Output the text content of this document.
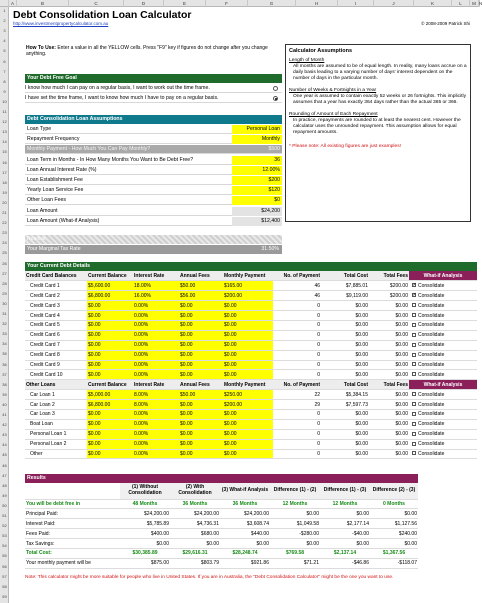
A	B	C	D	E	F	G	H	I	J	K	L	M N
1
2
3
4
5
6
7
8
9
10
11
12
13
14
15
16
17
18
19
20
21
22
23
24
25
26
27
28
29
30
31
32
33
34
35
36
37
38
39
40
41
42
43
44
45
46
47
48
49
50
51
52
53
54
55
56
57
58
59
Debt Consolidation Loan Calculator
http://www.investmentpropertycalculator.com.au	© 2008-2009 Patrick Shi
How To Use: Enter a value in all the YELLOW cells. Press "F9" key if figures do not change after you change anything.
Your Debt Free Goal
I know how much I can pay on a regular basis, I want to work out the time frame.
I have set the time frame, I want to know how much I have to pay on a regular basis.
Debt Consolidation Loan Assumptions
Loan Type	Personal Loan
Repayment Frequency	Monthly
Monthly Payment - How Much You Can Pay Monthly?	$500
Loan Term in Months - In How Many Months You Want to Be Debt Free?	36
Loan Annual Interest Rate (%)	12.00%
Loan Establishment Fee	$200
Yearly Loan Service Fee	$120
Other Loan Fees	$0
Loan Amount	$24,200
Loan Amount (What-if Analysis)	$12,400
Resolve
Your Marginal Tax Rate	31.50%
Calculator Assumptions
Length of Month
All months are assumed to be of equal length. In reality, many loans accrue on a daily basis leading to a varying number of days' interest dependent on the number of days in the particular month.
Number of Weeks & Fortnights in a Year
One year is assumed to contain exactly 52 weeks or 26 fortnights. This implicitly assumes that a year has exactly 364 days rather than the actual 365 or 366.
Rounding of Amount of Each Repayment
In practice, repayments are rounded to at least the nearest cent. However the calculator uses the unrounded repayment. This assumption allows for equal repayment amounts.
* Please note: All existing figures are just examples!
Your Current Debt Details
Credit Card Balances	Current Balance	Interest Rate	Annual Fees	Monthly Payment	No. of Payment	Total Cost	Total Fees	What-if Analysis
Credit Card 1	$5,600.00	18.00%	$50.00	$165.00	46	$7,885.01	$200.00	✓Consolidate
Credit Card 2	$6,800.00	16.00%	$56.00	$200.00	46	$9,119.00	$200.00	✓Consolidate
Credit Card 3	$0.00	0.00%	$0.00	$0.00	0	$0.00	$0.00	Consolidate
Credit Card 4	$0.00	0.00%	$0.00	$0.00	0	$0.00	$0.00	Consolidate
Credit Card 5	$0.00	0.00%	$0.00	$0.00	0	$0.00	$0.00	Consolidate
Credit Card 6	$0.00	0.00%	$0.00	$0.00	0	$0.00	$0.00	Consolidate
Credit Card 7	$0.00	0.00%	$0.00	$0.00	0	$0.00	$0.00	Consolidate
Credit Card 8	$0.00	0.00%	$0.00	$0.00	0	$0.00	$0.00	Consolidate
Credit Card 9	$0.00	0.00%	$0.00	$0.00	0	$0.00	$0.00	Consolidate
Credit Card 10	$0.00	0.00%	$0.00	$0.00	0	$0.00	$0.00	Consolidate
Other Loans	Current Balance	Interest Rate	Annual Fees	Monthly Payment	No. of Payment	Total Cost	Total Fees	What-if Analysis
Car Loan 1	$5,000.00	8.00%	$50.00	$250.00	22	$5,384.15	$0.00	Consolidate
Car Loan 2	$6,800.00	8.00%	$0.00	$200.00	29	$7,597.73	$0.00	Consolidate
Car Loan 3	$0.00	0.00%	$0.00	$0.00	0	$0.00	$0.00	Consolidate
Boat Loan	$0.00	0.00%	$0.00	$0.00	0	$0.00	$0.00	Consolidate
Personal Loan 1	$0.00	0.00%	$0.00	$0.00	0	$0.00	$0.00	Consolidate
Personal Loan 2	$0.00	0.00%	$0.00	$0.00	0	$0.00	$0.00	Consolidate
Other	$0.00	0.00%	$0.00	$0.00	0	$0.00	$0.00	Consolidate
Results
	(1) Without Consolidation	(2) With Consolidation	(3) What-if Analysis	Difference (1) - (2)	Difference (1) - (3)	Difference (2) - (3)
You will be debt free in	48 Months	36 Months	36 Months	12 Months	12 Months	0 Months
Principal Paid:	$24,200.00	$24,200.00	$24,200.00	$0.00	$0.00	$0.00
Interest Paid:	$5,785.89	$4,736.31	$3,608.74	$1,049.58	$2,177.14	$1,127.56
Fees Paid:	$400.00	$680.00	$440.00	-$280.00	-$40.00	$240.00
Tax Savings:	$0.00	$0.00	$0.00	$0.00	$0.00	$0.00
Total Cost:	$30,385.89	$29,616.31	$28,248.74	$769.58	$2,137.14	$1,367.56
Your monthly payment will be	$875.00	$803.79	$921.86	$71.21	-$46.86	-$118.07
Note: This calculator might be more suitable for people who live in United States. If you are in Australia, the "Debt Consolidation Calculator" might be the one you want to use.
